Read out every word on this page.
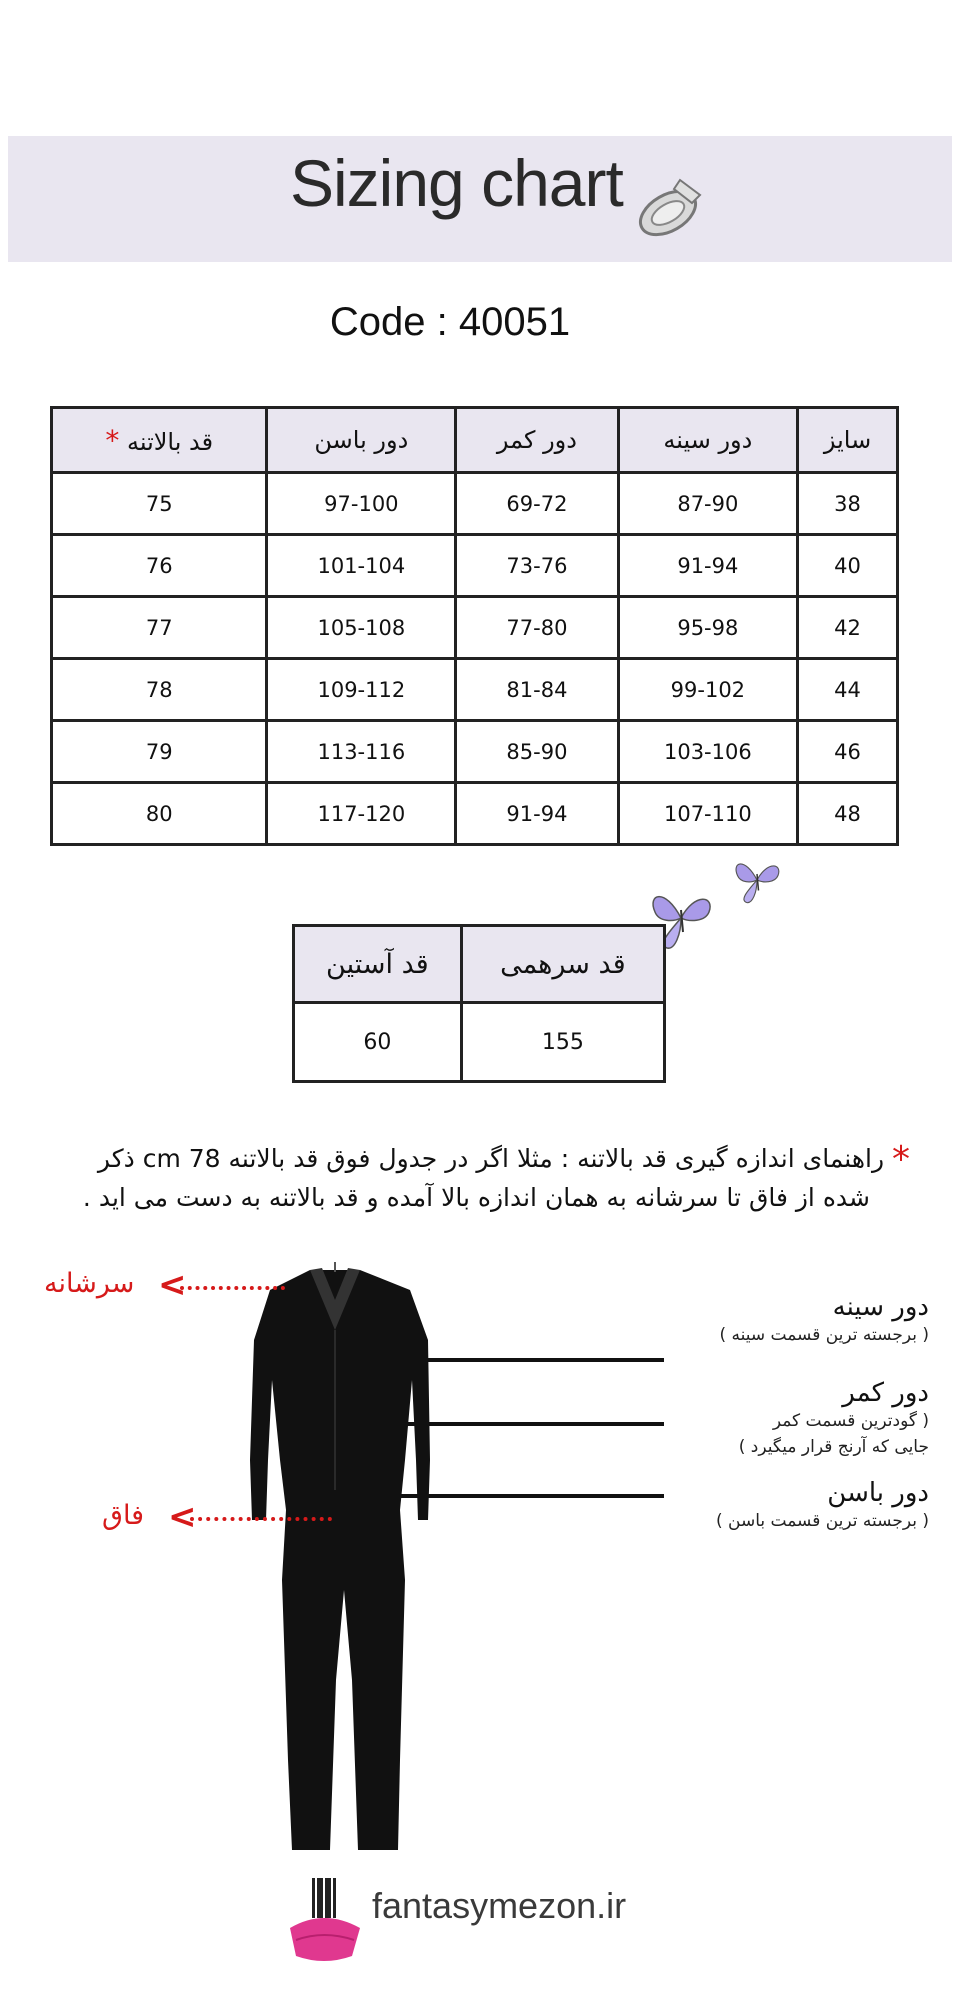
Sizing chart
Code : 40051
سایز	دور سینه	دور کمر	دور باسن	قد بالاتنه *
38	87-90	69-72	97-100	75
40	91-94	73-76	101-104	76
42	95-98	77-80	105-108	77
44	99-102	81-84	109-112	78
46	103-106	85-90	113-116	79
48	107-110	91-94	117-120	80
قد سرهمی	قد آستین
155	60
* راهنمای اندازه گیری قد بالاتنه : مثلا اگر در جدول فوق قد بالاتنه 78 cm ذکر
شده از فاق تا سرشانه به همان اندازه بالا آمده و قد بالاتنه به دست می اید .
سرشانه <
فاق <
دور سینه
( برجسته ترین قسمت سینه )
دور کمر
( گودترین قسمت کمر
جایی که آرنج قرار میگیرد )
دور باسن
( برجسته ترین قسمت باسن )
fantasymezon.ir
